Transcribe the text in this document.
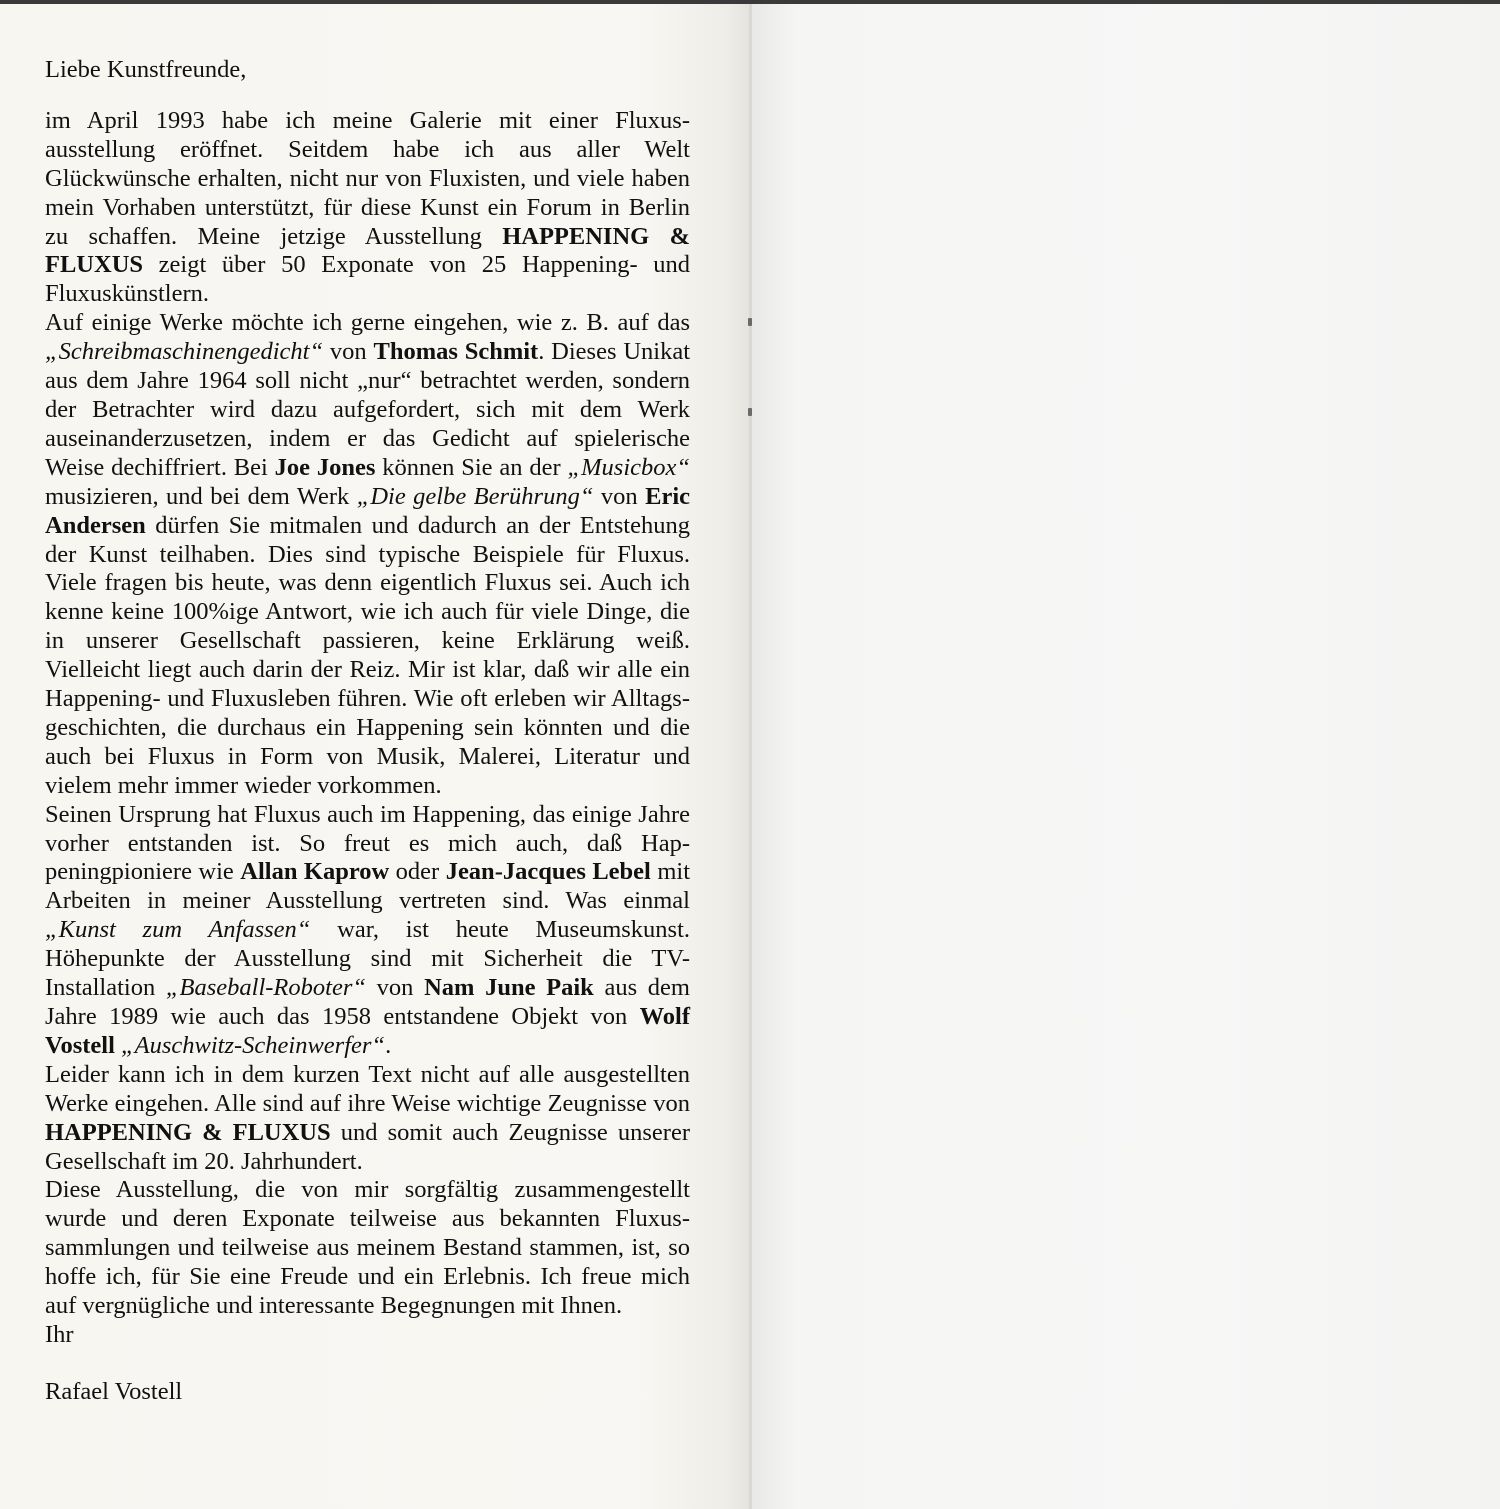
Liebe Kunstfreunde,

im April 1993 habe ich meine Galerie mit einer Fluxusausstellung eröffnet. Seitdem habe ich aus aller Welt Glückwünsche erhalten, nicht nur von Fluxisten, und viele haben mein Vorhaben unterstützt, für diese Kunst ein Forum in Berlin zu schaffen. Meine jetzige Ausstellung HAPPENING & FLUXUS zeigt über 50 Exponate von 25 Happening- und Fluxuskünstlern.

Auf einige Werke möchte ich gerne eingehen, wie z. B. auf das „Schreibmaschinengedicht“ von Thomas Schmit. Dieses Unikat aus dem Jahre 1964 soll nicht „nur“ betrachtet werden, sondern der Betrachter wird dazu aufgefordert, sich mit dem Werk auseinanderzusetzen, indem er das Gedicht auf spielerische Weise dechiffriert. Bei Joe Jones können Sie an der „Musicbox“ musizieren, und bei dem Werk „Die gelbe Berührung“ von Eric Andersen dürfen Sie mitmalen und dadurch an der Entstehung der Kunst teilhaben. Dies sind typische Beispiele für Fluxus. Viele fragen bis heute, was denn eigentlich Fluxus sei. Auch ich kenne keine 100%ige Antwort, wie ich auch für viele Dinge, die in unserer Gesellschaft passieren, keine Erklärung weiß. Vielleicht liegt auch darin der Reiz. Mir ist klar, daß wir alle ein Happening- und Fluxusleben führen. Wie oft erleben wir Alltagsgeschichten, die durchaus ein Happening sein könnten und die auch bei Fluxus in Form von Musik, Malerei, Literatur und vielem mehr immer wieder vorkommen.

Seinen Ursprung hat Fluxus auch im Happening, das einige Jahre vorher entstanden ist. So freut es mich auch, daß Happeningpioniere wie Allan Kaprow oder Jean-Jacques Lebel mit Arbeiten in meiner Ausstellung vertreten sind. Was einmal „Kunst zum Anfassen“ war, ist heute Museumskunst. Höhepunkte der Ausstellung sind mit Sicherheit die TV-Installation „Baseball-Roboter“ von Nam June Paik aus dem Jahre 1989 wie auch das 1958 entstandene Objekt von Wolf Vostell „Auschwitz-Scheinwerfer“.

Leider kann ich in dem kurzen Text nicht auf alle ausgestellten Werke eingehen. Alle sind auf ihre Weise wichtige Zeugnisse von HAPPENING & FLUXUS und somit auch Zeugnisse unserer Gesellschaft im 20. Jahrhundert.

Diese Ausstellung, die von mir sorgfältig zusammengestellt wurde und deren Exponate teilweise aus bekannten Fluxussammlungen und teilweise aus meinem Bestand stammen, ist, so hoffe ich, für Sie eine Freude und ein Erlebnis. Ich freue mich auf vergnügliche und interessante Begegnungen mit Ihnen.

Ihr

Rafael Vostell
